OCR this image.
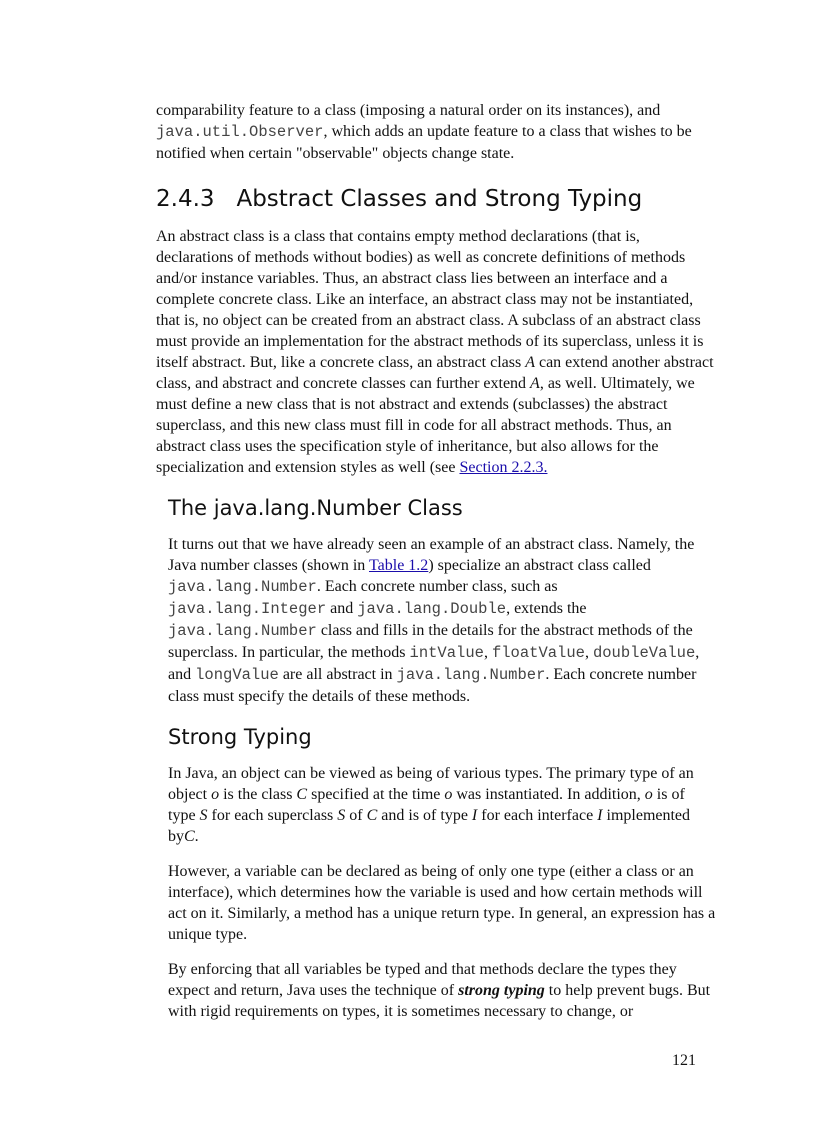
comparability feature to a class (imposing a natural order on its instances), and java.util.Observer, which adds an update feature to a class that wishes to be notified when certain "observable" objects change state.

2.4.3   Abstract Classes and Strong Typing

An abstract class is a class that contains empty method declarations (that is, declarations of methods without bodies) as well as concrete definitions of methods and/or instance variables. Thus, an abstract class lies between an interface and a complete concrete class. Like an interface, an abstract class may not be instantiated, that is, no object can be created from an abstract class. A subclass of an abstract class must provide an implementation for the abstract methods of its superclass, unless it is itself abstract. But, like a concrete class, an abstract class A can extend another abstract class, and abstract and concrete classes can further extend A, as well. Ultimately, we must define a new class that is not abstract and extends (subclasses) the abstract superclass, and this new class must fill in code for all abstract methods. Thus, an abstract class uses the specification style of inheritance, but also allows for the specialization and extension styles as well (see Section 2.2.3.

The java.lang.Number Class

It turns out that we have already seen an example of an abstract class. Namely, the Java number classes (shown in Table 1.2) specialize an abstract class called java.lang.Number. Each concrete number class, such as java.lang.Integer and java.lang.Double, extends the java.lang.Number class and fills in the details for the abstract methods of the superclass. In particular, the methods intValue, floatValue, doubleValue, and longValue are all abstract in java.lang.Number. Each concrete number class must specify the details of these methods.

Strong Typing

In Java, an object can be viewed as being of various types. The primary type of an object o is the class C specified at the time o was instantiated. In addition, o is of type S for each superclass S of C and is of type I for each interface I implemented byC.

However, a variable can be declared as being of only one type (either a class or an interface), which determines how the variable is used and how certain methods will act on it. Similarly, a method has a unique return type. In general, an expression has a unique type.

By enforcing that all variables be typed and that methods declare the types they expect and return, Java uses the technique of strong typing to help prevent bugs. But with rigid requirements on types, it is sometimes necessary to change, or

121
